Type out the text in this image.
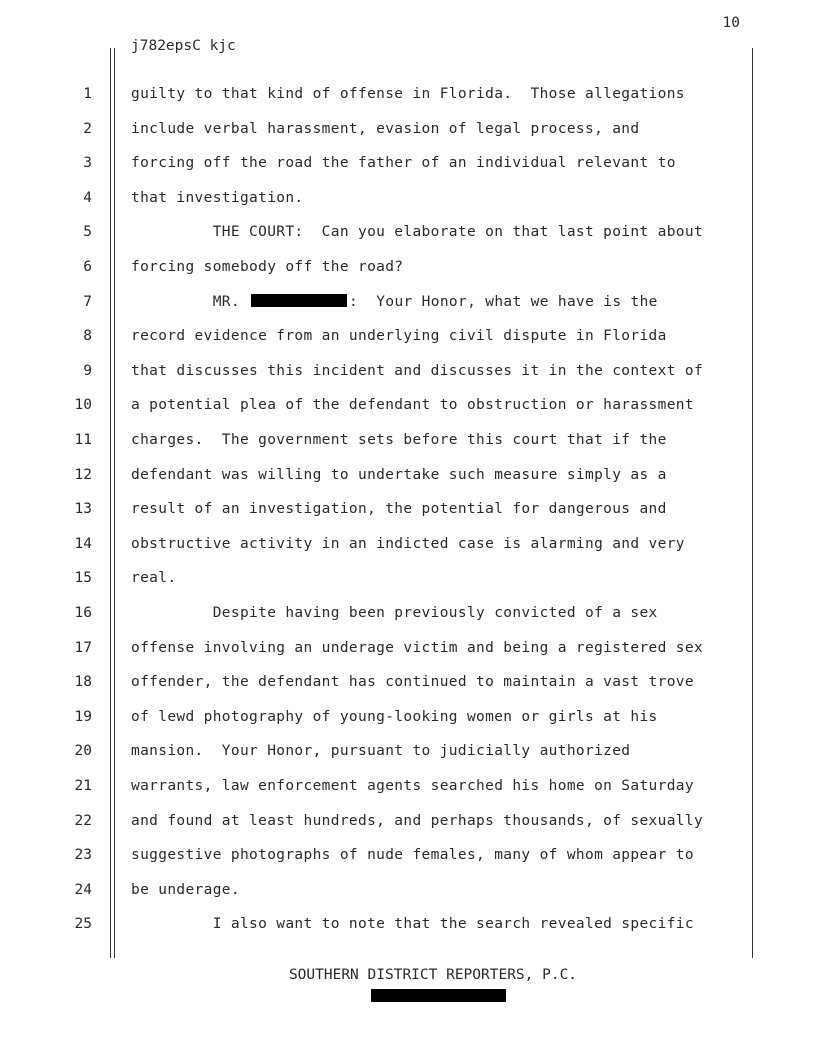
10
j782epsC kjc
1	guilty to that kind of offense in Florida.  Those allegations
2	include verbal harassment, evasion of legal process, and
3	forcing off the road the father of an individual relevant to
4	that investigation.
5	THE COURT:  Can you elaborate on that last point about
6	forcing somebody off the road?
7	MR.	:  Your Honor, what we have is the
8	record evidence from an underlying civil dispute in Florida
9	that discusses this incident and discusses it in the context of
10	a potential plea of the defendant to obstruction or harassment
11	charges.  The government sets before this court that if the
12	defendant was willing to undertake such measure simply as a
13	result of an investigation, the potential for dangerous and
14	obstructive activity in an indicted case is alarming and very
15	real.
16	Despite having been previously convicted of a sex
17	offense involving an underage victim and being a registered sex
18	offender, the defendant has continued to maintain a vast trove
19	of lewd photography of young-looking women or girls at his
20	mansion.  Your Honor, pursuant to judicially authorized
21	warrants, law enforcement agents searched his home on Saturday
22	and found at least hundreds, and perhaps thousands, of sexually
23	suggestive photographs of nude females, many of whom appear to
24	be underage.
25	I also want to note that the search revealed specific
SOUTHERN DISTRICT REPORTERS, P.C.
